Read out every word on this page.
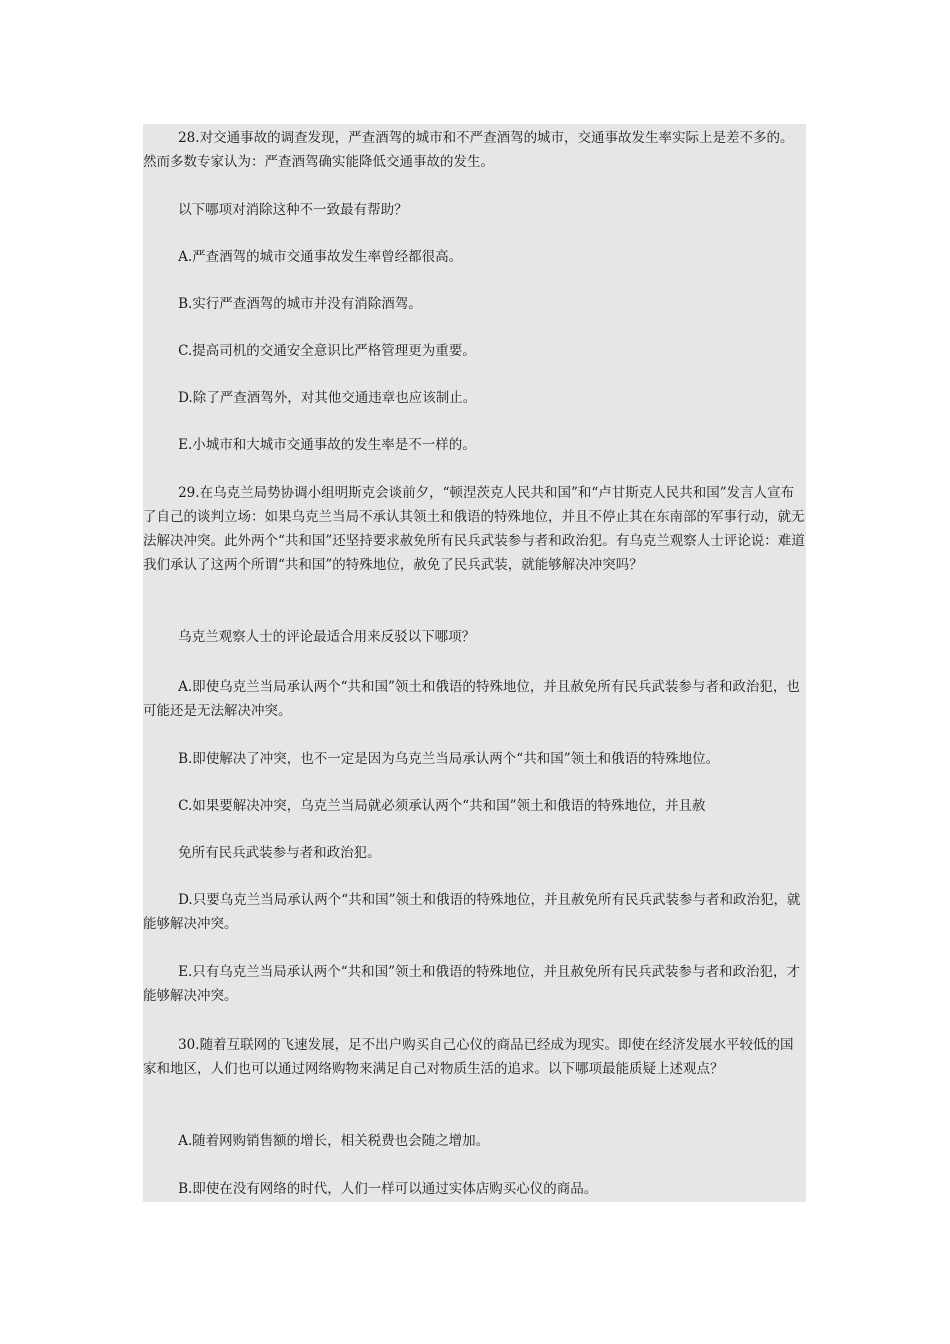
28.对交通事故的调查发现，严查酒驾的城市和不严查酒驾的城市，交通事故发生率实际上是差不多的。然而多数专家认为：严查酒驾确实能降低交通事故的发生。

以下哪项对消除这种不一致最有帮助？

A.严查酒驾的城市交通事故发生率曾经都很高。

B.实行严查酒驾的城市并没有消除酒驾。

C.提高司机的交通安全意识比严格管理更为重要。

D.除了严查酒驾外，对其他交通违章也应该制止。

E.小城市和大城市交通事故的发生率是不一样的。

29.在乌克兰局势协调小组明斯克会谈前夕，“顿涅茨克人民共和国”和“卢甘斯克人民共和国”发言人宣布了自己的谈判立场：如果乌克兰当局不承认其领土和俄语的特殊地位，并且不停止其在东南部的军事行动，就无法解决冲突。此外两个“共和国”还坚持要求赦免所有民兵武装参与者和政治犯。有乌克兰观察人士评论说：难道我们承认了这两个所谓“共和国”的特殊地位，赦免了民兵武装，就能够解决冲突吗？

乌克兰观察人士的评论最适合用来反驳以下哪项？

A.即使乌克兰当局承认两个“共和国”领土和俄语的特殊地位，并且赦免所有民兵武装参与者和政治犯，也可能还是无法解决冲突。

B.即使解决了冲突，也不一定是因为乌克兰当局承认两个“共和国”领土和俄语的特殊地位。

C.如果要解决冲突，乌克兰当局就必须承认两个“共和国”领土和俄语的特殊地位，并且赦

免所有民兵武装参与者和政治犯。

D.只要乌克兰当局承认两个“共和国”领土和俄语的特殊地位，并且赦免所有民兵武装参与者和政治犯，就能够解决冲突。

E.只有乌克兰当局承认两个“共和国”领土和俄语的特殊地位，并且赦免所有民兵武装参与者和政治犯，才能够解决冲突。

30.随着互联网的飞速发展，足不出户购买自己心仪的商品已经成为现实。即使在经济发展水平较低的国家和地区，人们也可以通过网络购物来满足自己对物质生活的追求。以下哪项最能质疑上述观点？

A.随着网购销售额的增长，相关税费也会随之增加。

B.即使在没有网络的时代，人们一样可以通过实体店购买心仪的商品。
